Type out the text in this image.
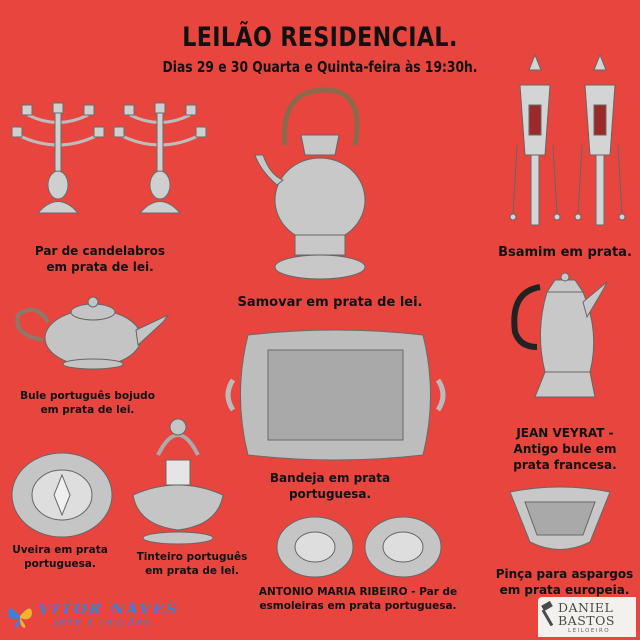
LEILÃO RESIDENCIAL.
Dias 29 e 30 Quarta e Quinta-feira às 19:30h.
Par de candelabros
em prata de lei.
Samovar em prata de lei.
Bsamim em prata.
Bule português bojudo
em prata de lei.
JEAN VEYRAT -
Antigo bule em
prata francesa.
Bandeja em prata
portuguesa.
Uveira em prata
portuguesa.
Tinteiro português
em prata de lei.
ANTONIO MARIA RIBEIRO - Par de
esmoleiras em prata portuguesa.
Pinça para aspargos
em prata europeia.
VITOR NAVES
ARTE E LEILÕES
DANIEL
BASTOS
LEILOEIRO
